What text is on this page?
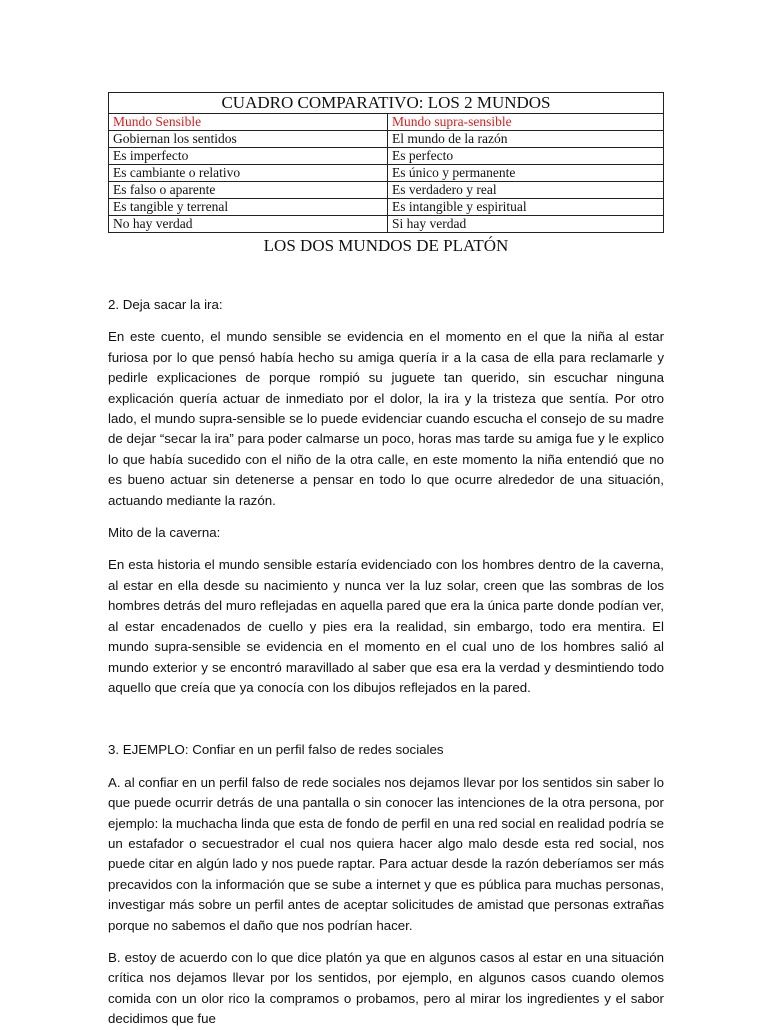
CUADRO COMPARATIVO: LOS 2 MUNDOS	
Mundo Sensible	Mundo supra-sensible
Gobiernan los sentidos	El mundo de la razón
Es imperfecto	Es perfecto
Es cambiante o relativo	Es único y permanente
Es falso o aparente	Es verdadero y real
Es tangible y terrenal	Es intangible y espiritual
No hay verdad	Si hay verdad
LOS DOS MUNDOS DE PLATÓN

2. Deja sacar la ira:

En este cuento, el mundo sensible se evidencia en el momento en el que la niña al estar furiosa por lo que pensó había hecho su amiga quería ir a la casa de ella para reclamarle y pedirle explicaciones de porque rompió su juguete tan querido, sin escuchar ninguna explicación quería actuar de inmediato por el dolor, la ira y la tristeza que sentía. Por otro lado, el mundo supra-sensible se lo puede evidenciar cuando escucha el consejo de su madre de dejar “secar la ira” para poder calmarse un poco, horas mas tarde su amiga fue y le explico lo que había sucedido con el niño de la otra calle, en este momento la niña entendió que no es bueno actuar sin detenerse a pensar en todo lo que ocurre alrededor de una situación, actuando mediante la razón.

Mito de la caverna:

En esta historia el mundo sensible estaría evidenciado con los hombres dentro de la caverna, al estar en ella desde su nacimiento y nunca ver la luz solar, creen que las sombras de los hombres detrás del muro reflejadas en aquella pared que era la única parte donde podían ver, al estar encadenados de cuello y pies era la realidad, sin embargo, todo era mentira. El mundo supra-sensible se evidencia en el momento en el cual uno de los hombres salió al mundo exterior y se encontró maravillado al saber que esa era la verdad y desmintiendo todo aquello que creía que ya conocía con los dibujos reflejados en la pared.

3. EJEMPLO: Confiar en un perfil falso de redes sociales

A. al confiar en un perfil falso de rede sociales nos dejamos llevar por los sentidos sin saber lo que puede ocurrir detrás de una pantalla o sin conocer las intenciones de la otra persona, por ejemplo: la muchacha linda que esta de fondo de perfil en una red social en realidad podría se un estafador o secuestrador el cual nos quiera hacer algo malo desde esta red social, nos puede citar en algún lado y nos puede raptar. Para actuar desde la razón deberíamos ser más precavidos con la información que se sube a internet y que es pública para muchas personas, investigar más sobre un perfil antes de aceptar solicitudes de amistad que personas extrañas porque no sabemos el daño que nos podrían hacer.

B. estoy de acuerdo con lo que dice platón ya que en algunos casos al estar en una situación crítica nos dejamos llevar por los sentidos, por ejemplo, en algunos casos cuando olemos comida con un olor rico la compramos o probamos, pero al mirar los ingredientes y el sabor decidimos que fue
